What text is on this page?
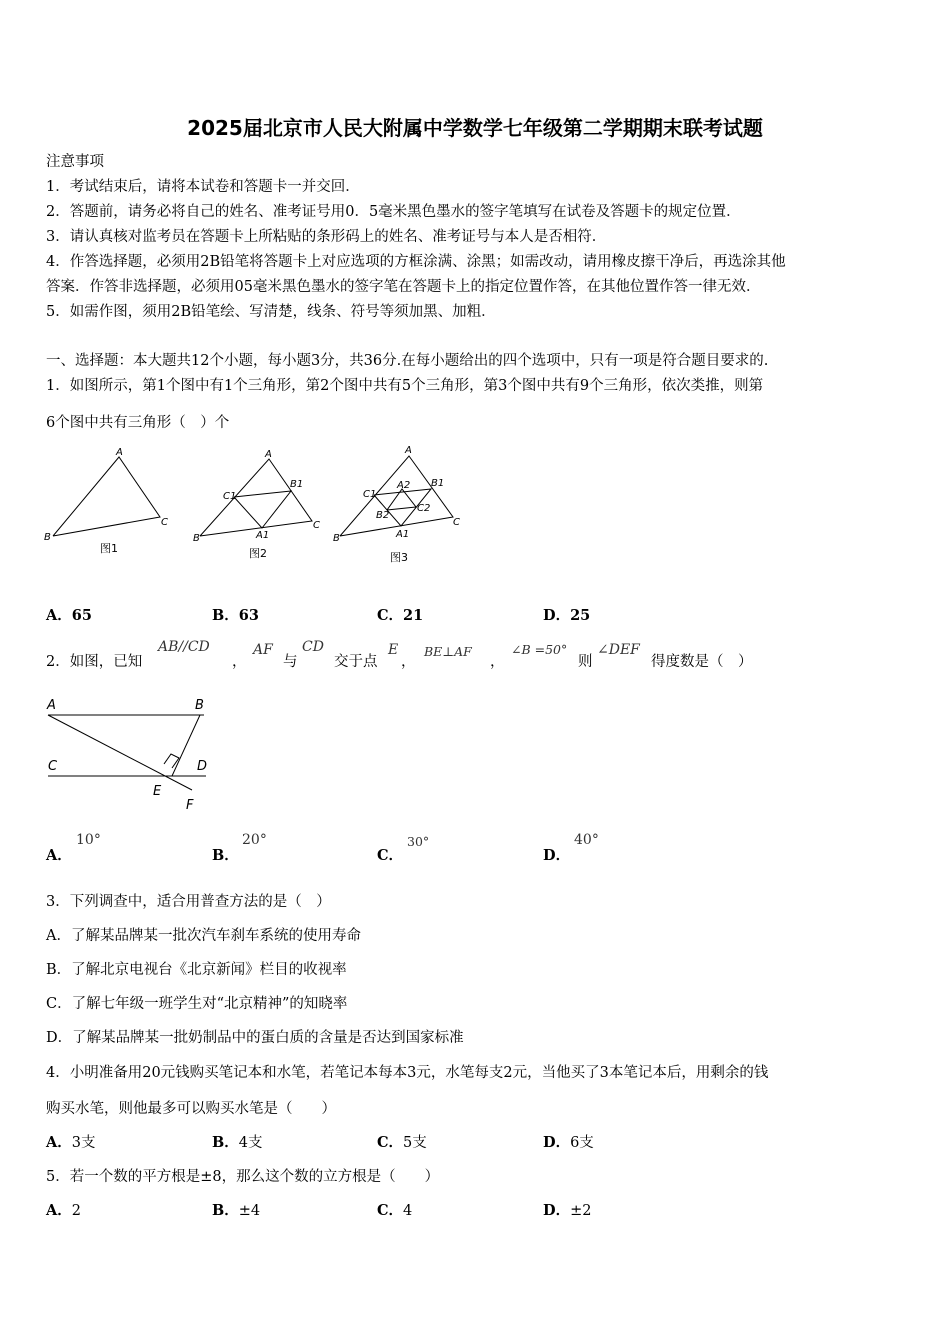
2025届北京市人民大附属中学数学七年级第二学期期末联考试题
注意事项
1．考试结束后，请将本试卷和答题卡一并交回．
2．答题前，请务必将自己的姓名、准考证号用0．5毫米黑色墨水的签字笔填写在试卷及答题卡的规定位置．
3．请认真核对监考员在答题卡上所粘贴的条形码上的姓名、准考证号与本人是否相符．
4．作答选择题，必须用2B铅笔将答题卡上对应选项的方框涂满、涂黑；如需改动，请用橡皮擦干净后，再选涂其他
答案．作答非选择题，必须用05毫米黑色墨水的签字笔在答题卡上的指定位置作答，在其他位置作答一律无效．
5．如需作图，须用2B铅笔绘、写清楚，线条、符号等须加黑、加粗．
一、选择题：本大题共12个小题，每小题3分，共36分.在每小题给出的四个选项中，只有一项是符合题目要求的.
1．如图所示，第1个图中有1个三角形，第2个图中共有5个三角形，第3个图中共有9个三角形，依次类推，则第
6个图中共有三角形（　）个
A
B
C
A
B
C
B1
C1
A1
A
B
C
B1
C1
A1
A2
B2
C2
图1	图2	图3
A．65	B．63	C．21	D．25
2．如图，已知
AB//CD
，
AF
与
CD
交于点
E
，
BE⊥AF
，
∠B =50°
则
∠DEF
得度数是（　）
A	B
C	D
E
F
A．
10°
B．
20°
C．
30°
D．
40°
3．下列调查中，适合用普查方法的是（　）
A．了解某品牌某一批次汽车刹车系统的使用寿命
B．了解北京电视台《北京新闻》栏目的收视率
C．了解七年级一班学生对“北京精神”的知晓率
D．了解某品牌某一批奶制品中的蛋白质的含量是否达到国家标准
4．小明准备用20元钱购买笔记本和水笔，若笔记本每本3元，水笔每支2元，当他买了3本笔记本后，用剩余的钱
购买水笔，则他最多可以购买水笔是（　　）
A．3支	B．4支	C．5支	D．6支
5．若一个数的平方根是±8，那么这个数的立方根是（　　）
A．2	B．±4	C．4	D．±2
